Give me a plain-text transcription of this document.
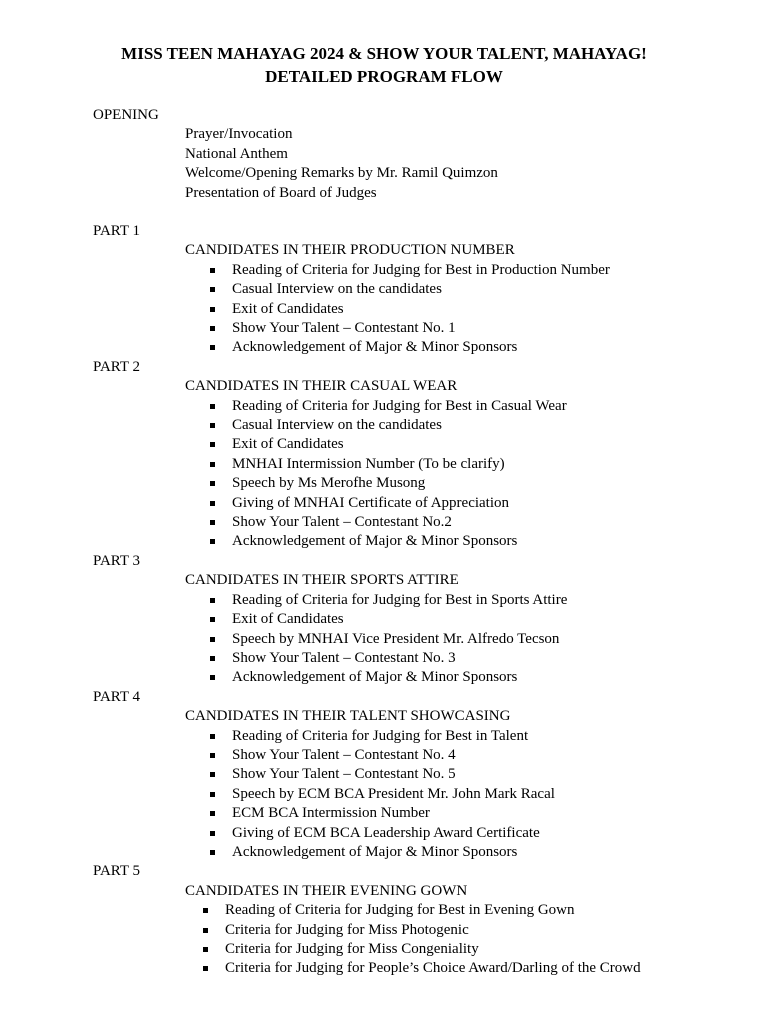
MISS TEEN MAHAYAG 2024 & SHOW YOUR TALENT, MAHAYAG!
DETAILED PROGRAM FLOW
OPENING
Prayer/Invocation
National Anthem
Welcome/Opening Remarks by Mr. Ramil Quimzon
Presentation of Board of Judges
PART 1
CANDIDATES IN THEIR PRODUCTION NUMBER
Reading of Criteria for Judging for Best in Production Number
Casual Interview on the candidates
Exit of Candidates
Show Your Talent – Contestant No. 1
Acknowledgement of Major & Minor Sponsors
PART 2
CANDIDATES IN THEIR CASUAL WEAR
Reading of Criteria for Judging for Best in Casual Wear
Casual Interview on the candidates
Exit of Candidates
MNHAI Intermission Number (To be clarify)
Speech by Ms Merofhe Musong
Giving of MNHAI Certificate of Appreciation
Show Your Talent – Contestant No.2
Acknowledgement of Major & Minor Sponsors
PART 3
CANDIDATES IN THEIR SPORTS ATTIRE
Reading of Criteria for Judging for Best in Sports Attire
Exit of Candidates
Speech by MNHAI Vice President Mr. Alfredo Tecson
Show Your Talent – Contestant No. 3
Acknowledgement of Major & Minor Sponsors
PART 4
CANDIDATES IN THEIR TALENT SHOWCASING
Reading of Criteria for Judging for Best in Talent
Show Your Talent – Contestant No. 4
Show Your Talent – Contestant No. 5
Speech by ECM BCA President Mr. John Mark Racal
ECM BCA Intermission Number
Giving of ECM BCA Leadership Award Certificate
Acknowledgement of Major & Minor Sponsors
PART 5
CANDIDATES IN THEIR EVENING GOWN
Reading of Criteria for Judging for Best in Evening Gown
Criteria for Judging for Miss Photogenic
Criteria for Judging for Miss Congeniality
Criteria for Judging for People’s Choice Award/Darling of the Crowd
